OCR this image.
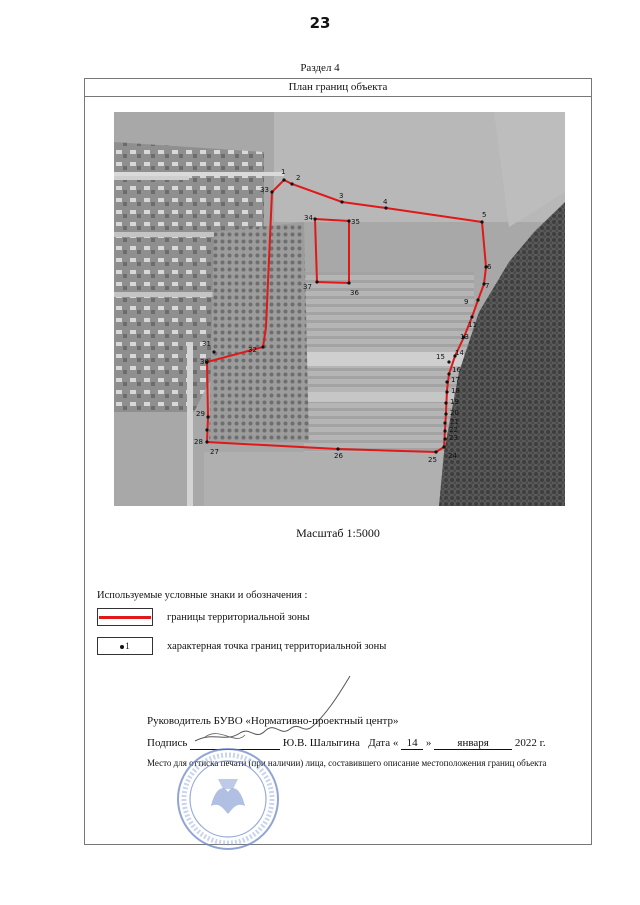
23
Раздел 4
План границ объекта
1
2
3
4
5
6
7
9
11
13
14
15
16
17
18
19
20
21
22
23
24
25
26
27
28
29
30
31
32
33
34	35
36
37
Масштаб 1:5000
Используемые условные знаки и обозначения :
границы территориальной зоны
1	характерная точка границ территориальной зоны
Руководитель БУВО «Нормативно-проектный центр»
Подпись	Ю.В. Шалыгина Дата « 14 » января 2022 г.
Место для оттиска печати (при наличии) лица, составившего описание местоположения границ объекта
